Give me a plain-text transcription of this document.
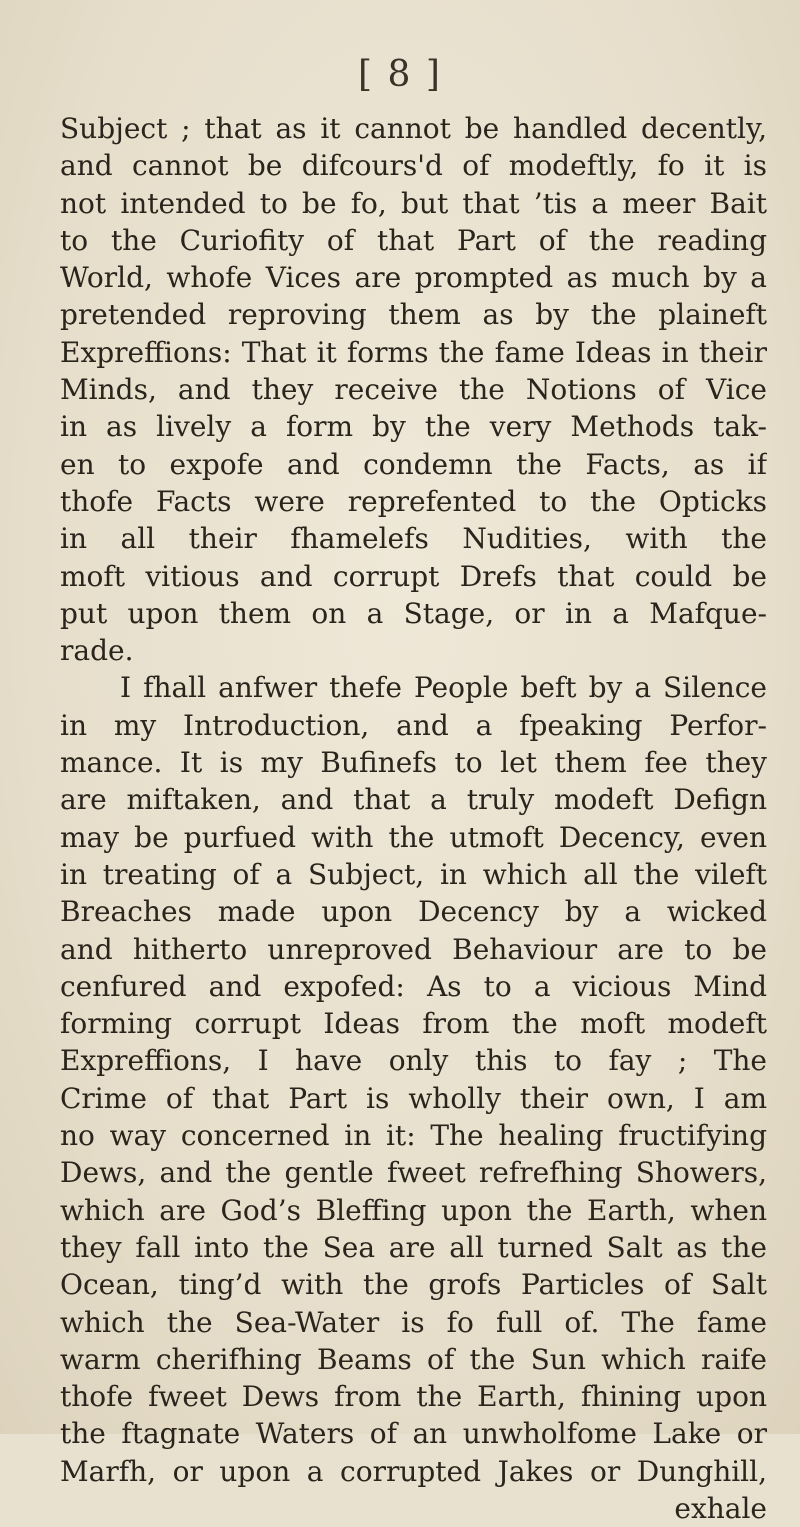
[ 8 ]
Subject ; that as it cannot be handled decently,
and cannot be difcours'd of modeftly, fo it is
not intended to be fo, but that ’tis a meer Bait
to the Curiofity of that Part of the reading
World, whofe Vices are prompted as much by a
pretended reproving them as by the plaineft
Expreffions: That it forms the fame Ideas in their
Minds, and they receive the Notions of Vice
in as lively a form by the very Methods tak-
en to expofe and condemn the Facts, as if
thofe Facts were reprefented to the Opticks
in all their fhamelefs Nudities, with the
moft vitious and corrupt Drefs that could be
put upon them on a Stage, or in a Mafque-
rade.
I fhall anfwer thefe People beft by a Silence
in my Introduction, and a fpeaking Perfor-
mance. It is my Bufinefs to let them fee they
are miftaken, and that a truly modeft Defign
may be purfued with the utmoft Decency, even
in treating of a Subject, in which all the vileft
Breaches made upon Decency by a wicked
and hitherto unreproved Behaviour are to be
cenfured and expofed: As to a vicious Mind
forming corrupt Ideas from the moft modeft
Expreffions, I have only this to fay ; The
Crime of that Part is wholly their own, I am
no way concerned in it: The healing fructifying
Dews, and the gentle fweet refrefhing Showers,
which are God’s Bleffing upon the Earth, when
they fall into the Sea are all turned Salt as the
Ocean, ting’d with the grofs Particles of Salt
which the Sea-Water is fo full of. The fame
warm cherifhing Beams of the Sun which raife
thofe fweet Dews from the Earth, fhining upon
the ftagnate Waters of an unwholfome Lake or
Marfh, or upon a corrupted Jakes or Dunghill,
exhale
